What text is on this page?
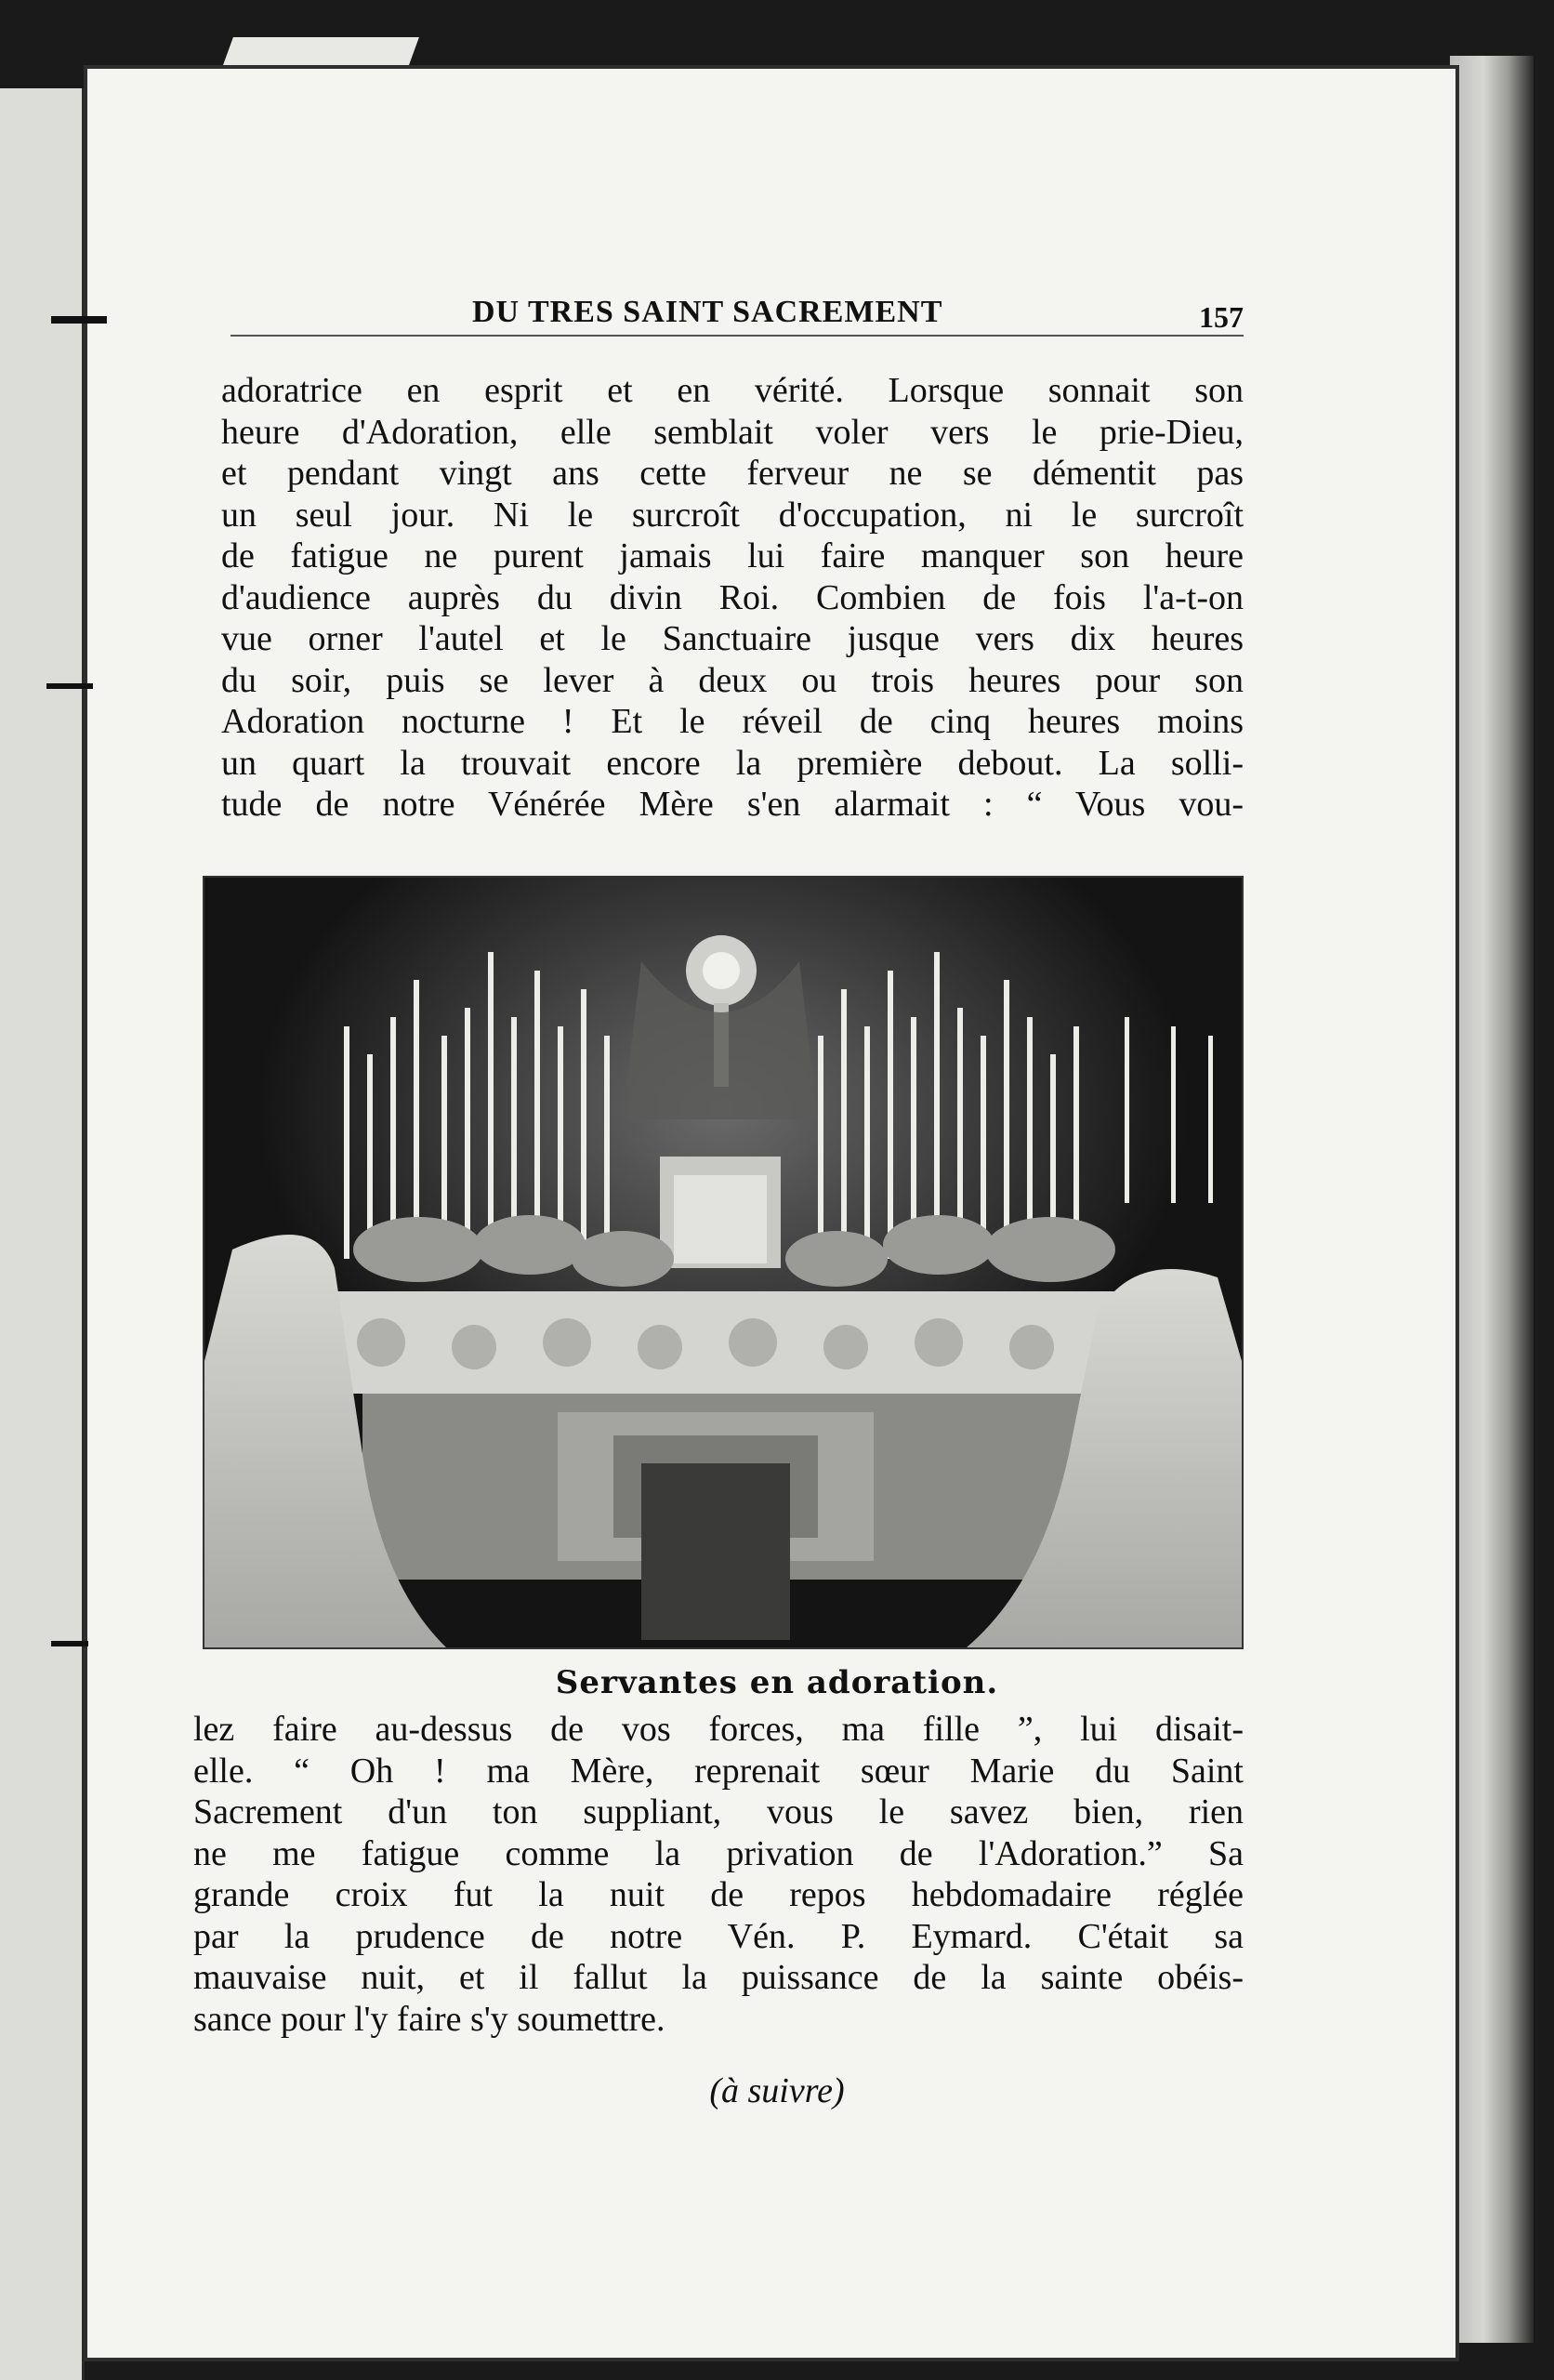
DU TRES SAINT SACREMENT	157
adoratrice en esprit et en vérité. Lorsque sonnait son
heure d'Adoration, elle semblait voler vers le prie-Dieu,
et pendant vingt ans cette ferveur ne se démentit pas
un seul jour. Ni le surcroît d'occupation, ni le surcroît
de fatigue ne purent jamais lui faire manquer son heure
d'audience auprès du divin Roi. Combien de fois l'a-t-on
vue orner l'autel et le Sanctuaire jusque vers dix heures
du soir, puis se lever à deux ou trois heures pour son
Adoration nocturne ! Et le réveil de cinq heures moins
un quart la trouvait encore la première debout. La solli-
tude de notre Vénérée Mère s'en alarmait : “ Vous vou-
Servantes en adoration.
lez faire au-dessus de vos forces, ma fille ”, lui disait-
elle. “ Oh ! ma Mère, reprenait sœur Marie du Saint
Sacrement d'un ton suppliant, vous le savez bien, rien
ne me fatigue comme la privation de l'Adoration.” Sa
grande croix fut la nuit de repos hebdomadaire réglée
par la prudence de notre Vén. P. Eymard. C'était sa
mauvaise nuit, et il fallut la puissance de la sainte obéis-
sance pour l'y faire s'y soumettre.
(à suivre)
